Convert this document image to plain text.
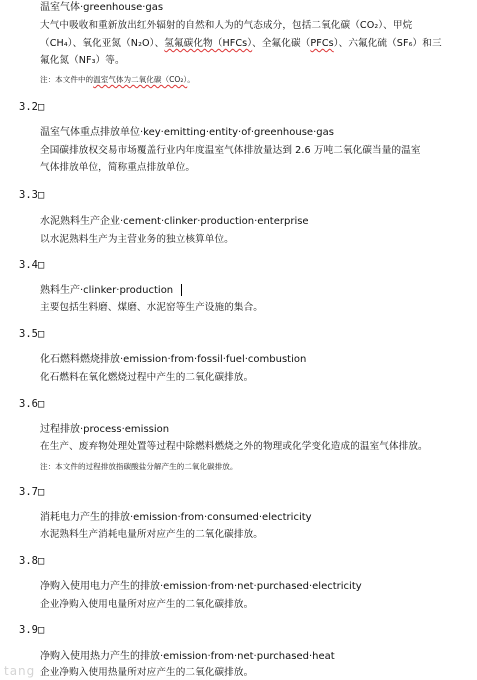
温室气体·greenhouse·gas
大气中吸收和重新放出红外辐射的自然和人为的气态成分，包括二氧化碳（CO₂）、甲烷
（CH₄）、氧化亚氮（N₂O）、氢氟碳化物（HFCs）、全氟化碳（PFCs）、六氟化硫（SF₆）和三
氟化氮（NF₃）等。
注：本文件中的温室气体为二氧化碳（CO₂）。
3.2□
温室气体重点排放单位·key·emitting·entity·of·greenhouse·gas
全国碳排放权交易市场覆盖行业内年度温室气体排放量达到 2.6 万吨二氧化碳当量的温室
气体排放单位，简称重点排放单位。
3.3□
水泥熟料生产企业·cement·clinker·production·enterprise
以水泥熟料生产为主营业务的独立核算单位。
3.4□
熟料生产·clinker·production
主要包括生料磨、煤磨、水泥窑等生产设施的集合。
3.5□
化石燃料燃烧排放·emission·from·fossil·fuel·combustion
化石燃料在氧化燃烧过程中产生的二氧化碳排放。
3.6□
过程排放·process·emission
在生产、废弃物处理处置等过程中除燃料燃烧之外的物理或化学变化造成的温室气体排放。
注：本文件的过程排放指碳酸盐分解产生的二氧化碳排放。
3.7□
消耗电力产生的排放·emission·from·consumed·electricity
水泥熟料生产消耗电量所对应产生的二氧化碳排放。
3.8□
净购入使用电力产生的排放·emission·from·net·purchased·electricity
企业净购入使用电量所对应产生的二氧化碳排放。
3.9□
净购入使用热力产生的排放·emission·from·net·purchased·heat
企业净购入使用热量所对应产生的二氧化碳排放。
tang
